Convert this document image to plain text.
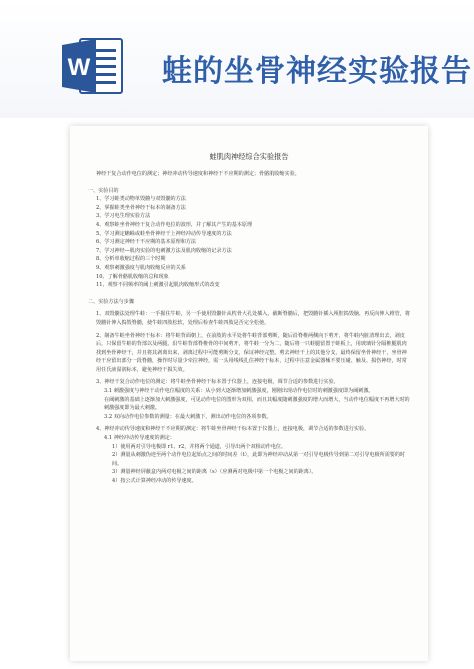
W 蛙的坐骨神经实验报告
蛙肌肉神经综合实验报告
神经干复合动作电位的测定；神经冲动传导速度和神经干不应期的测定；骨骼肌收缩实验。
一、实验目的
1、学习蛙类动物单毁髓与双毁髓的方法
2、掌握蛙类坐骨神经干标本的制备方法
3、学习电生理实验方法
4、观察蛙坐骨神经干复合动作电位的波形，并了解其产生的基本原理
5、学习测定蟾蜍或蛙坐骨神经干上神经冲动传导速度的方法
6、学习测定神经干不应期的基本原理和方法
7、学习神经—肌肉实验的电刺激方法及肌肉收缩的记录方法
8、分析单收缩过程的三个时期
9、观察刺激强度与肌肉收缩反应的关系
10、了解骨骼肌收缩的总和现象
11、观察不同频率的阈上刺激引起肌肉收缩形式的改变
二、实验方法与步骤
1、双毁髓法处理牛蛙：一手握住牛蛙，另一手使用毁髓针从枕骨大孔处插入，截断脊髓后，把毁髓针插入颅腔捣毁脑，再反向伸入椎管，将毁髓针伸入捣毁脊髓，使牛蛙四肢松软，处理后检查牛蛙四肢是否完全松弛。
2、制备牛蛙坐骨神经干标本：将牛蛙背面朝上，在前肢的水平处将牛蛙背部剪断，随后沿脊椎两侧向下剪开，将牛蛙内脏清理出去，剥皮后，只保留牛蛙的背部以及两腿。沿牛蛙背部脊椎骨的中间剪开，将牛蛙一分为二，随后将一只蛙腿留置于蛙板上，用玻璃针分隔椎腿肌肉找到坐骨神经干，并且将其剥离出来，剥离过程中可能剪断分支，保证神经完整。剪去神经干上的其他分支，最终保留坐骨神经干，坐骨神经干应留出部分一段脊髓，操作时尽量少牵拉神经，需一头用线线扎住神经干标本，过程中注意金属器械不要压碰、触及、损伤神经，时常用任氏液湿润标本，避免神经干损失效。
3、神经干复合动作电位的测定：将牛蛙坐骨神经干标本置于仪器上，连接电极，调节合适的参数进行实验。
3.1 刺激强度与神经干动作电位幅度的关系：从小到大逐渐增加刺激强度，刚刚出现动作电位时的刺激强度即为阈刺激。
在阈刺激的基础上逐渐加大刺激强度，可见动作电位的图形为双相，而且其幅度随刺激强度的增大而增大，当动作电位幅度不再增大时的刺激强度即为最大刺激。
3.2 双向动作电位参数的测量：在最大刺激下，测出动作电位的各项参数。
4、神经冲动传导速度和神经干不应期的测定：将牛蛙坐骨神经干标本置于仪器上，连接电极，调节合适的参数进行实验。
4.1 神经冲动传导速度的测定：
1）使用两对引导电极即 r1、r2，并将两个通道，引导出两个双相动作电位。
2）测量从刺激伪迹至两个动作电位起始点之间的时间差（t），此即为神经冲动从第一对引导电极传导到第二对引导电极所需要的时间。
3）测量神经屏蔽盒内两对电极之间的距离（s）（应测两对电极中第一个电极之间的距离）。
4）按公式计算神经冲动的传导速度。
